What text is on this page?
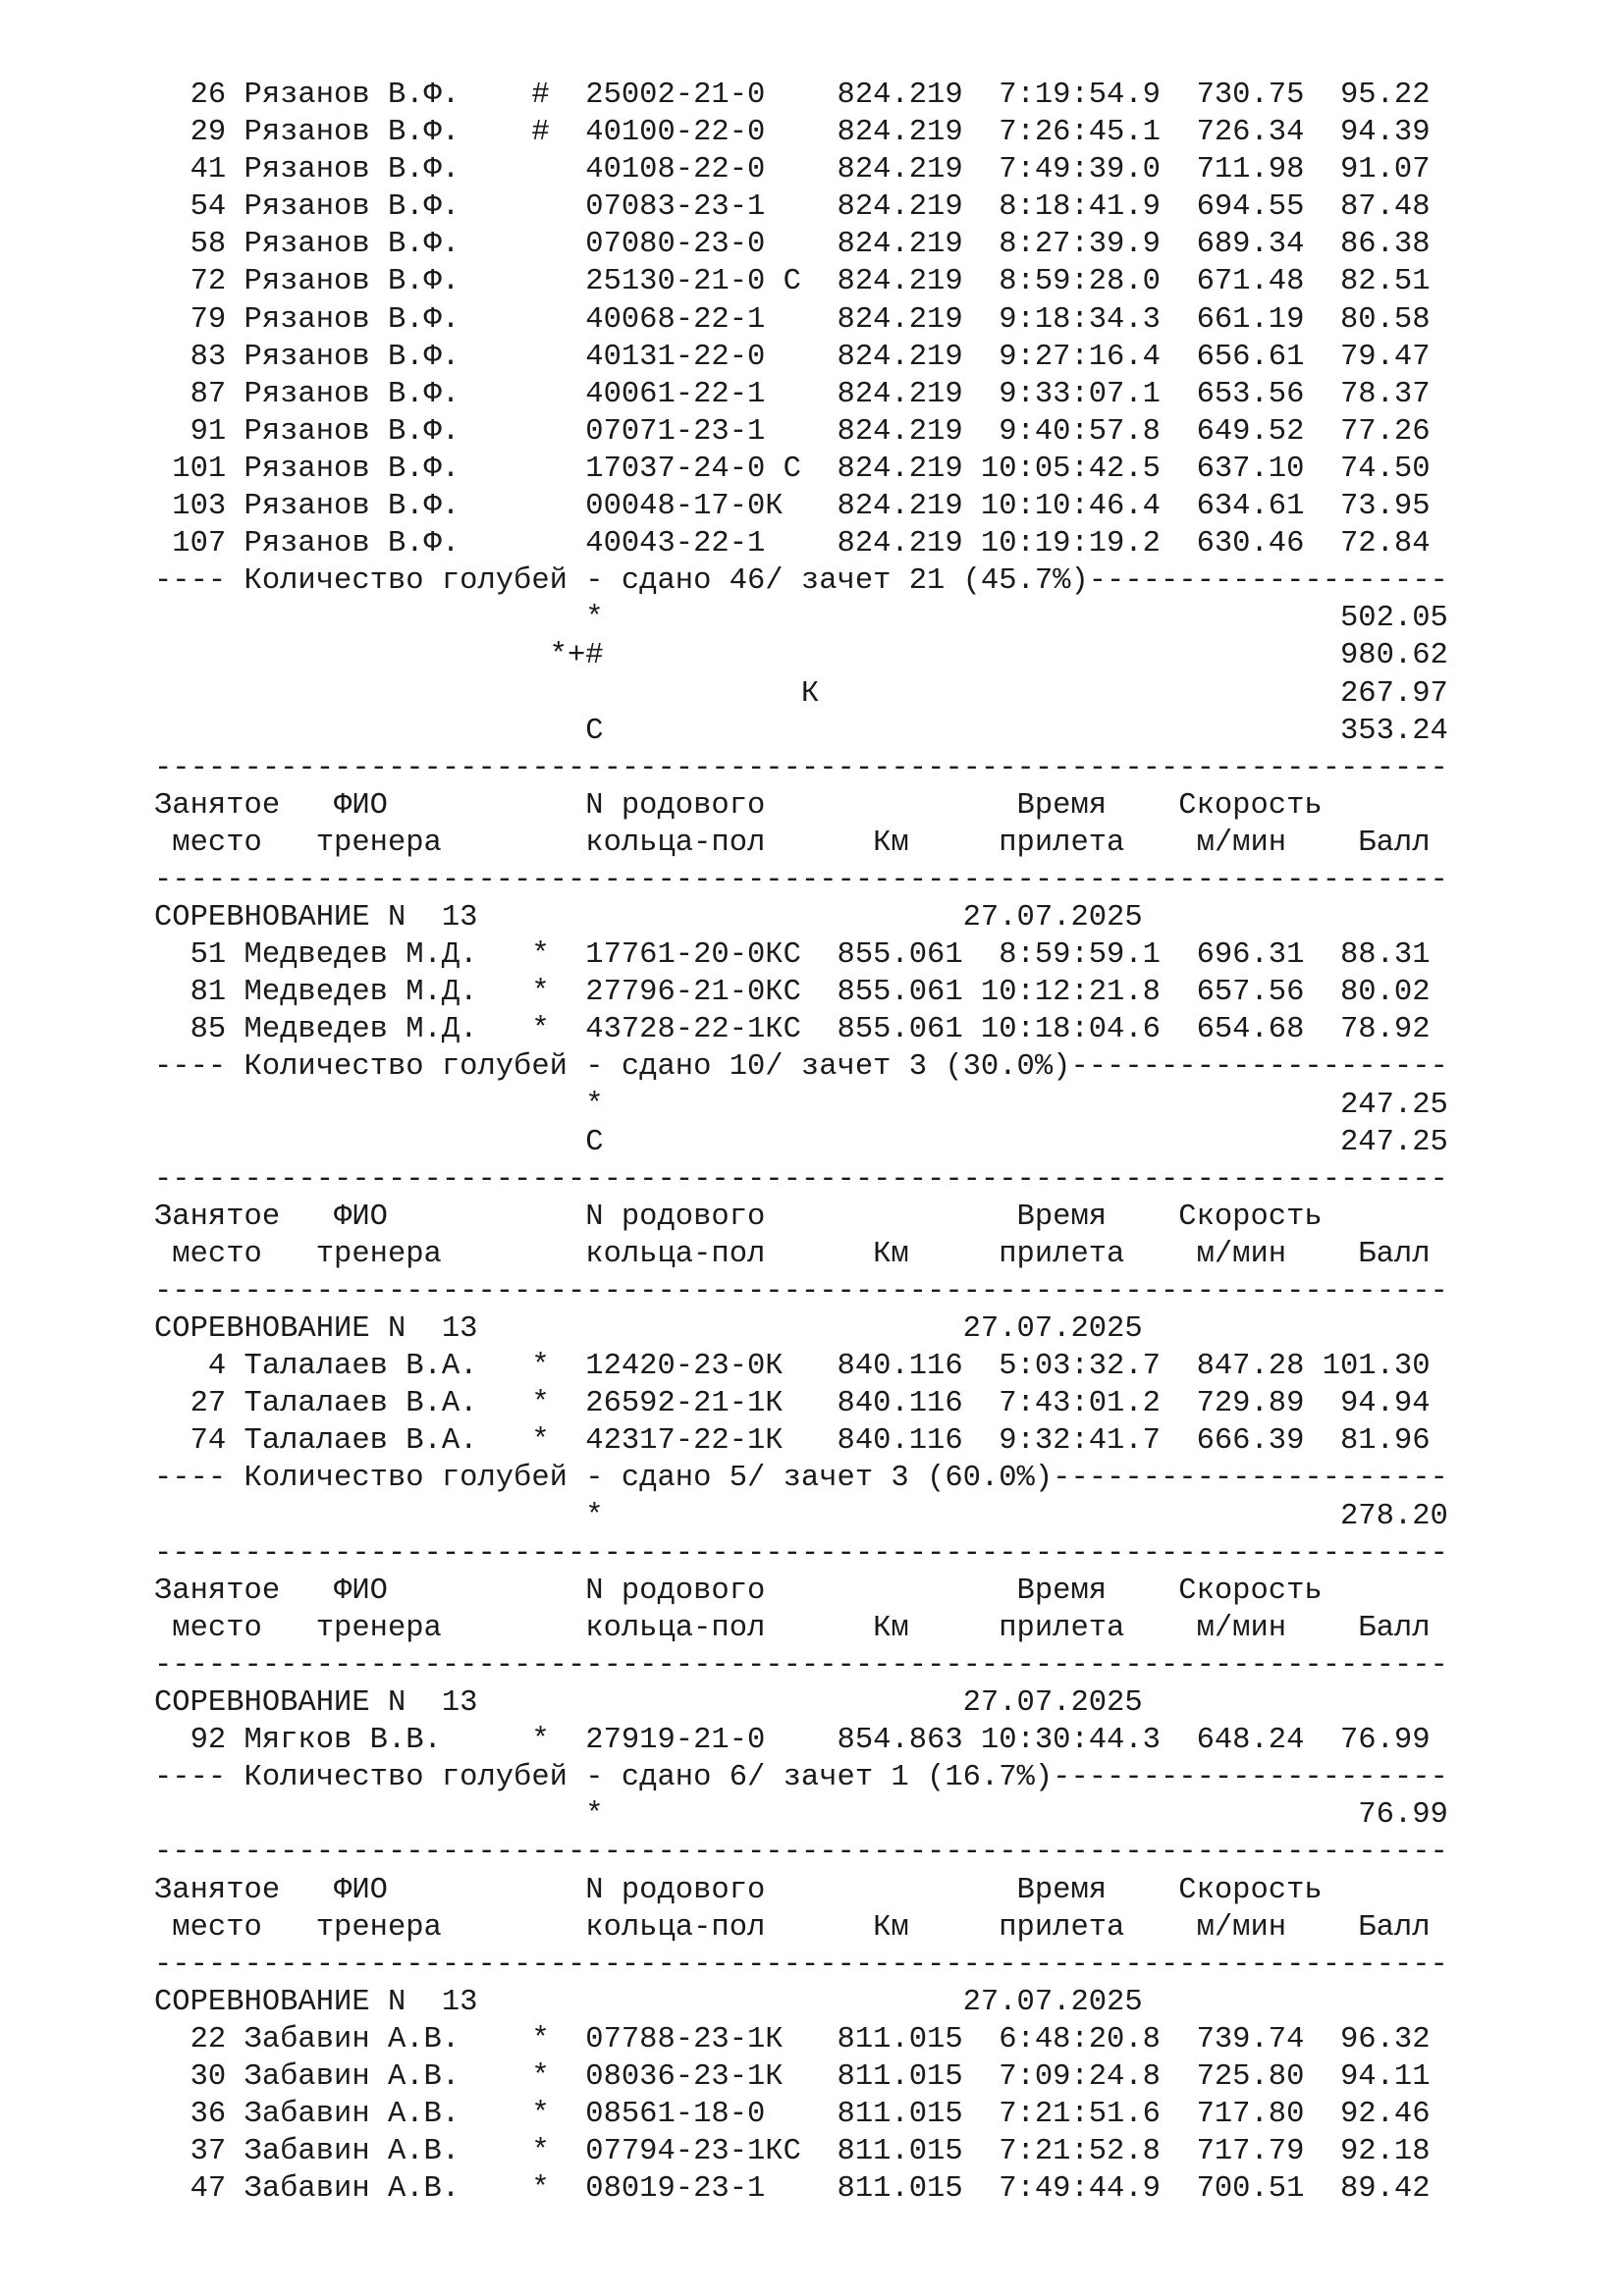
26 Рязанов В.Ф.    #  25002-21-0    824.219  7:19:54.9  730.75  95.22
29 Рязанов В.Ф.    #  40100-22-0    824.219  7:26:45.1  726.34  94.39
41 Рязанов В.Ф.       40108-22-0    824.219  7:49:39.0  711.98  91.07
54 Рязанов В.Ф.       07083-23-1    824.219  8:18:41.9  694.55  87.48
58 Рязанов В.Ф.       07080-23-0    824.219  8:27:39.9  689.34  86.38
72 Рязанов В.Ф.       25130-21-0 С  824.219  8:59:28.0  671.48  82.51
79 Рязанов В.Ф.       40068-22-1    824.219  9:18:34.3  661.19  80.58
83 Рязанов В.Ф.       40131-22-0    824.219  9:27:16.4  656.61  79.47
87 Рязанов В.Ф.       40061-22-1    824.219  9:33:07.1  653.56  78.37
91 Рязанов В.Ф.       07071-23-1    824.219  9:40:57.8  649.52  77.26
101 Рязанов В.Ф.       17037-24-0 С  824.219 10:05:42.5  637.10  74.50
103 Рязанов В.Ф.       00048-17-0К   824.219 10:10:46.4  634.61  73.95
107 Рязанов В.Ф.       40043-22-1    824.219 10:19:19.2  630.46  72.84
---- Количество голубей - сдано 46/ зачет 21 (45.7%)--------------------
*                                         502.05
*+#                                         980.62
К                             267.97
С                                         353.24
------------------------------------------------------------------------
Занятое   ФИО           N родового              Время    Скорость
место   тренера        кольца-пол      Км     прилета    м/мин    Балл
------------------------------------------------------------------------
СОРЕВНОВАНИЕ N  13                           27.07.2025
51 Медведев М.Д.   *  17761-20-0КС  855.061  8:59:59.1  696.31  88.31
81 Медведев М.Д.   *  27796-21-0КС  855.061 10:12:21.8  657.56  80.02
85 Медведев М.Д.   *  43728-22-1КС  855.061 10:18:04.6  654.68  78.92
---- Количество голубей - сдано 10/ зачет 3 (30.0%)---------------------
*                                         247.25
С                                         247.25
------------------------------------------------------------------------
Занятое   ФИО           N родового              Время    Скорость
место   тренера        кольца-пол      Км     прилета    м/мин    Балл
------------------------------------------------------------------------
СОРЕВНОВАНИЕ N  13                           27.07.2025
4 Талалаев В.А.   *  12420-23-0К   840.116  5:03:32.7  847.28 101.30
27 Талалаев В.А.   *  26592-21-1К   840.116  7:43:01.2  729.89  94.94
74 Талалаев В.А.   *  42317-22-1К   840.116  9:32:41.7  666.39  81.96
---- Количество голубей - сдано 5/ зачет 3 (60.0%)----------------------
*                                         278.20
------------------------------------------------------------------------
Занятое   ФИО           N родового              Время    Скорость
место   тренера        кольца-пол      Км     прилета    м/мин    Балл
------------------------------------------------------------------------
СОРЕВНОВАНИЕ N  13                           27.07.2025
92 Мягков В.В.     *  27919-21-0    854.863 10:30:44.3  648.24  76.99
---- Количество голубей - сдано 6/ зачет 1 (16.7%)----------------------
*                                          76.99
------------------------------------------------------------------------
Занятое   ФИО           N родового              Время    Скорость
место   тренера        кольца-пол      Км     прилета    м/мин    Балл
------------------------------------------------------------------------
СОРЕВНОВАНИЕ N  13                           27.07.2025
22 Забавин А.В.    *  07788-23-1К   811.015  6:48:20.8  739.74  96.32
30 Забавин А.В.    *  08036-23-1К   811.015  7:09:24.8  725.80  94.11
36 Забавин А.В.    *  08561-18-0    811.015  7:21:51.6  717.80  92.46
37 Забавин А.В.    *  07794-23-1КС  811.015  7:21:52.8  717.79  92.18
47 Забавин А.В.    *  08019-23-1    811.015  7:49:44.9  700.51  89.42
